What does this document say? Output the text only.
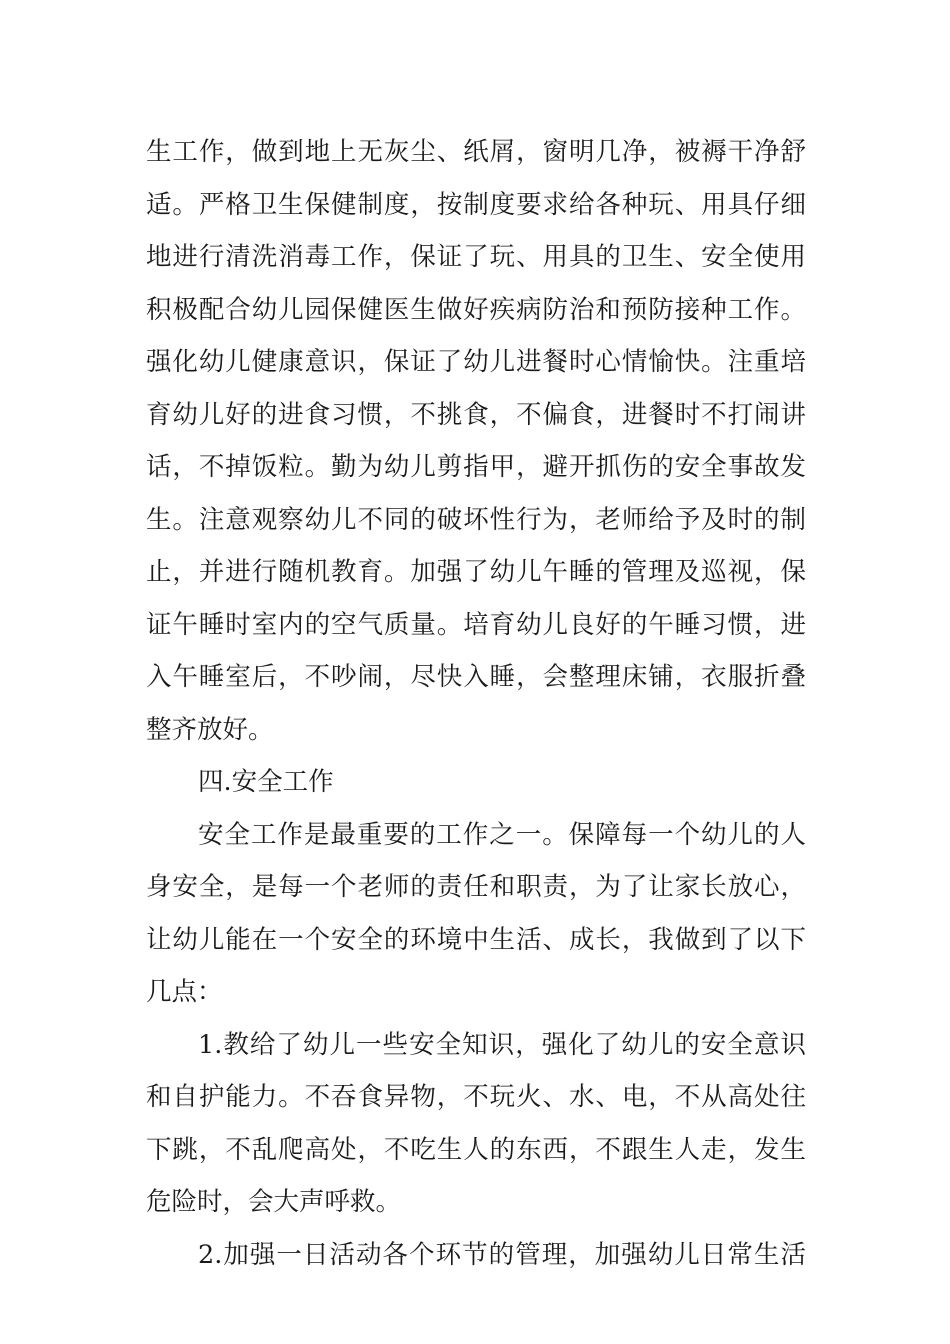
生工作，做到地上无灰尘、纸屑，窗明几净，被褥干净舒
适。严格卫生保健制度，按制度要求给各种玩、用具仔细
地进行清洗消毒工作，保证了玩、用具的卫生、安全使用
积极配合幼儿园保健医生做好疾病防治和预防接种工作。
强化幼儿健康意识，保证了幼儿进餐时心情愉快。注重培
育幼儿好的进食习惯，不挑食，不偏食，进餐时不打闹讲
话，不掉饭粒。勤为幼儿剪指甲，避开抓伤的安全事故发
生。注意观察幼儿不同的破坏性行为，老师给予及时的制
止，并进行随机教育。加强了幼儿午睡的管理及巡视，保
证午睡时室内的空气质量。培育幼儿良好的午睡习惯，进
入午睡室后，不吵闹，尽快入睡，会整理床铺，衣服折叠
整齐放好。
四.安全工作
安全工作是最重要的工作之一。保障每一个幼儿的人
身安全，是每一个老师的责任和职责，为了让家长放心，
让幼儿能在一个安全的环境中生活、成长，我做到了以下
几点：
1.教给了幼儿一些安全知识，强化了幼儿的安全意识
和自护能力。不吞食异物，不玩火、水、电，不从高处往
下跳，不乱爬高处，不吃生人的东西，不跟生人走，发生
危险时，会大声呼救。
2.加强一日活动各个环节的管理，加强幼儿日常生活
